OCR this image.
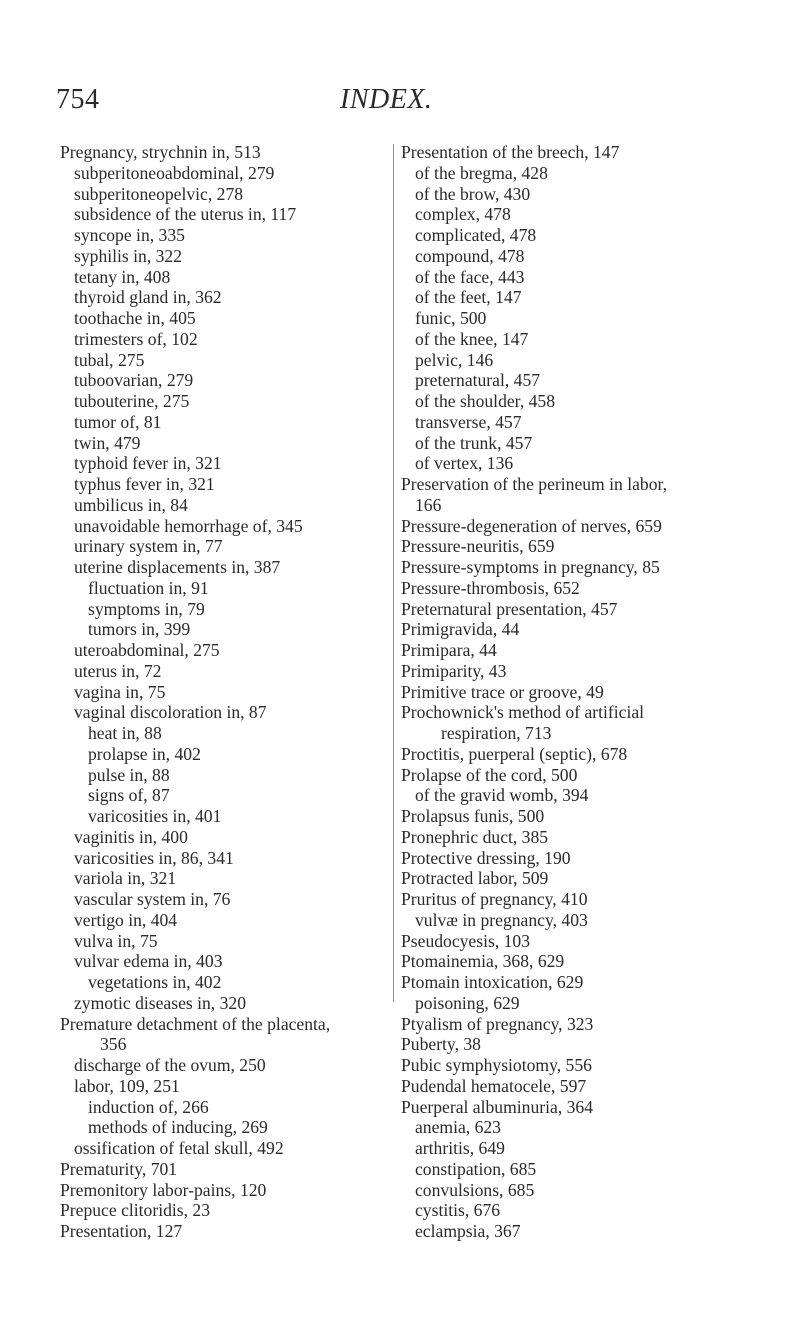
754	INDEX.
Pregnancy, strychnin in, 513
subperitoneoabdominal, 279
subperitoneopelvic, 278
subsidence of the uterus in, 117
syncope in, 335
syphilis in, 322
tetany in, 408
thyroid gland in, 362
toothache in, 405
trimesters of, 102
tubal, 275
tuboovarian, 279
tubouterine, 275
tumor of, 81
twin, 479
typhoid fever in, 321
typhus fever in, 321
umbilicus in, 84
unavoidable hemorrhage of, 345
urinary system in, 77
uterine displacements in, 387
fluctuation in, 91
symptoms in, 79
tumors in, 399
uteroabdominal, 275
uterus in, 72
vagina in, 75
vaginal discoloration in, 87
heat in, 88
prolapse in, 402
pulse in, 88
signs of, 87
varicosities in, 401
vaginitis in, 400
varicosities in, 86, 341
variola in, 321
vascular system in, 76
vertigo in, 404
vulva in, 75
vulvar edema in, 403
vegetations in, 402
zymotic diseases in, 320
Premature detachment of the placenta,
356
discharge of the ovum, 250
labor, 109, 251
induction of, 266
methods of inducing, 269
ossification of fetal skull, 492
Prematurity, 701
Premonitory labor-pains, 120
Prepuce clitoridis, 23
Presentation, 127
Presentation of the breech, 147
of the bregma, 428
of the brow, 430
complex, 478
complicated, 478
compound, 478
of the face, 443
of the feet, 147
funic, 500
of the knee, 147
pelvic, 146
preternatural, 457
of the shoulder, 458
transverse, 457
of the trunk, 457
of vertex, 136
Preservation of the perineum in labor,
166
Pressure-degeneration of nerves, 659
Pressure-neuritis, 659
Pressure-symptoms in pregnancy, 85
Pressure-thrombosis, 652
Preternatural presentation, 457
Primigravida, 44
Primipara, 44
Primiparity, 43
Primitive trace or groove, 49
Prochownick's method of artificial
respiration, 713
Proctitis, puerperal (septic), 678
Prolapse of the cord, 500
of the gravid womb, 394
Prolapsus funis, 500
Pronephric duct, 385
Protective dressing, 190
Protracted labor, 509
Pruritus of pregnancy, 410
vulvæ in pregnancy, 403
Pseudocyesis, 103
Ptomainemia, 368, 629
Ptomain intoxication, 629
poisoning, 629
Ptyalism of pregnancy, 323
Puberty, 38
Pubic symphysiotomy, 556
Pudendal hematocele, 597
Puerperal albuminuria, 364
anemia, 623
arthritis, 649
constipation, 685
convulsions, 685
cystitis, 676
eclampsia, 367
